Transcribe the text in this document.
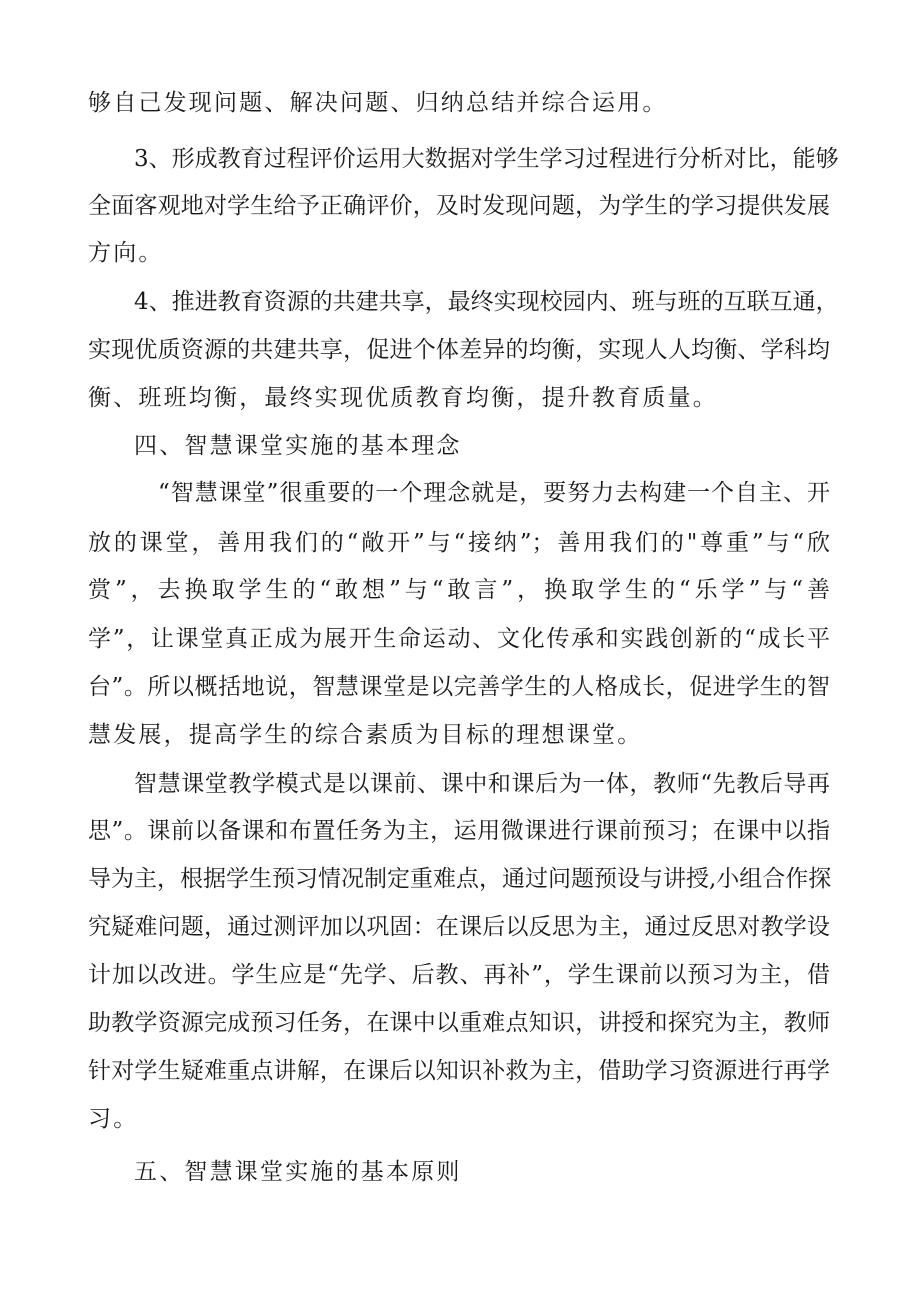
够自己发现问题、解决问题、归纳总结并综合运用。
3、形成教育过程评价运用大数据对学生学习过程进行分析对比，能够
全面客观地对学生给予正确评价，及时发现问题，为学生的学习提供发展
方向。
4、推进教育资源的共建共享，最终实现校园内、班与班的互联互通，
实现优质资源的共建共享，促进个体差异的均衡，实现人人均衡、学科均
衡、班班均衡，最终实现优质教育均衡，提升教育质量。
四、智慧课堂实施的基本理念
“智慧课堂”很重要的一个理念就是，要努力去构建一个自主、开
放的课堂，善用我们的“敞开”与“接纳”；善用我们的"尊重”与“欣
赏”，去换取学生的“敢想”与“敢言”，换取学生的“乐学”与“善
学”，让课堂真正成为展开生命运动、文化传承和实践创新的“成长平
台”。所以概括地说，智慧课堂是以完善学生的人格成长，促进学生的智
慧发展，提高学生的综合素质为目标的理想课堂。
智慧课堂教学模式是以课前、课中和课后为一体，教师“先教后导再
思”。课前以备课和布置任务为主，运用微课进行课前预习；在课中以指
导为主，根据学生预习情况制定重难点，通过问题预设与讲授,小组合作探
究疑难问题，通过测评加以巩固：在课后以反思为主，通过反思对教学设
计加以改进。学生应是“先学、后教、再补”，学生课前以预习为主，借
助教学资源完成预习任务，在课中以重难点知识，讲授和探究为主，教师
针对学生疑难重点讲解，在课后以知识补救为主，借助学习资源进行再学
习。
五、智慧课堂实施的基本原则
